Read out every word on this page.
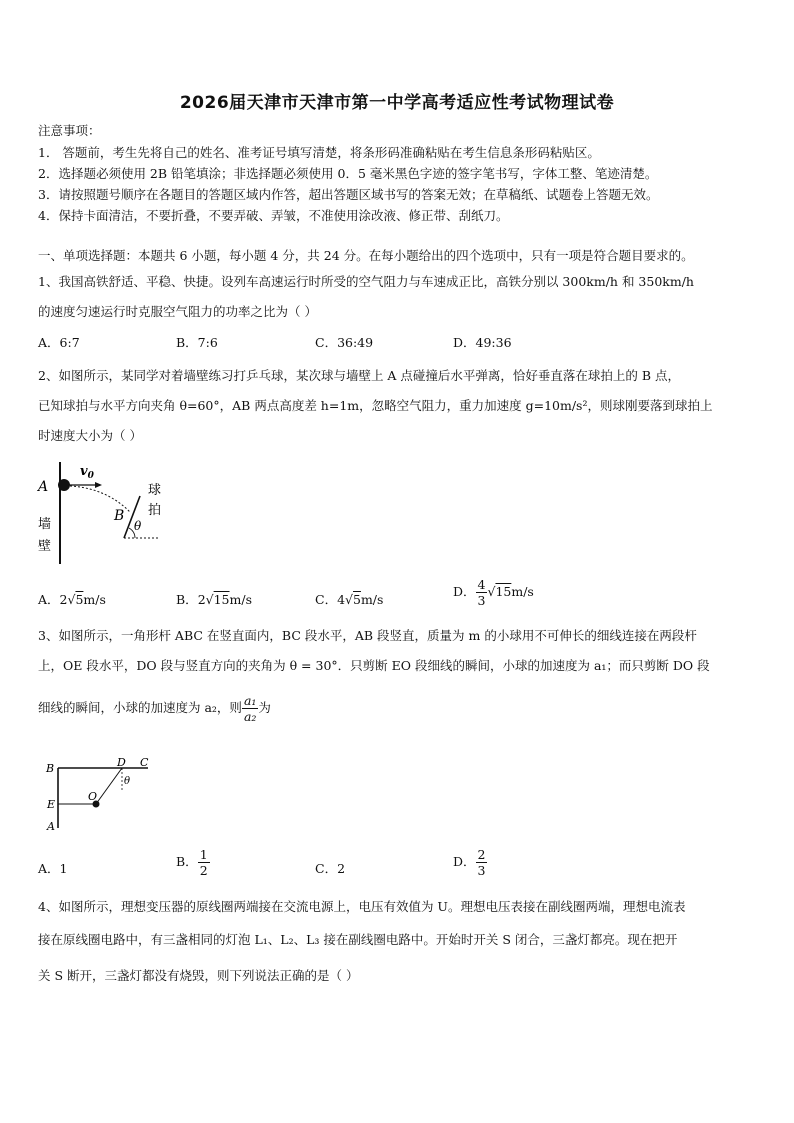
2026届天津市天津市第一中学高考适应性考试物理试卷
注意事项：
1． 答题前，考生先将自己的姓名、准考证号填写清楚，将条形码准确粘贴在考生信息条形码粘贴区。
2．选择题必须使用 2B 铅笔填涂；非选择题必须使用 0．5 毫米黑色字迹的签字笔书写，字体工整、笔迹清楚。
3．请按照题号顺序在各题目的答题区域内作答，超出答题区域书写的答案无效；在草稿纸、试题卷上答题无效。
4．保持卡面清洁，不要折叠，不要弄破、弄皱，不准使用涂改液、修正带、刮纸刀。
一、单项选择题：本题共 6 小题，每小题 4 分，共 24 分。在每小题给出的四个选项中，只有一项是符合题目要求的。
1、我国高铁舒适、平稳、快捷。设列车高速运行时所受的空气阻力与车速成正比，高铁分别以 300km/h 和 350km/h
的速度匀速运行时克服空气阻力的功率之比为（ ）
A．6:7	B．7:6	C．36:49	D．49:36
2、如图所示，某同学对着墙壁练习打乒乓球，某次球与墙壁上 A 点碰撞后水平弹离，恰好垂直落在球拍上的 B 点，
已知球拍与水平方向夹角 θ=60°，AB 两点高度差 h=1m，忽略空气阻力，重力加速度 g=10m/s²，则球刚要落到球拍上
时速度大小为（ ）
A
$v_0$
B
θ
球
拍
墙
壁
A．2√5m/s	B．2√15m/s	C．4√5m/s
D． $\frac{4}{3} √15m/s$
3、如图所示，一角形杆 ABC 在竖直面内，BC 段水平，AB 段竖直，质量为 m 的小球用不可伸长的细线连接在两段杆
上，OE 段水平，DO 段与竖直方向的夹角为 θ = 30°．只剪断 EO 段细线的瞬间，小球的加速度为 a₁；而只剪断 DO 段
细线的瞬间，小球的加速度为 a₂，则 $\frac{\text{a₁}}{\text{a₂}}$ 为
B	D C
E
O
A
θ
A．1	B． $\frac{1}{2}$	C．2	D． $\frac{2}{3}$
4、如图所示，理想变压器的原线圈两端接在交流电源上，电压有效值为 U。理想电压表接在副线圈两端，理想电流表
接在原线圈电路中，有三盏相同的灯泡 L₁、L₂、L₃ 接在副线圈电路中。开始时开关 S 闭合，三盏灯都亮。现在把开
关 S 断开，三盏灯都没有烧毁，则下列说法正确的是（ ）
